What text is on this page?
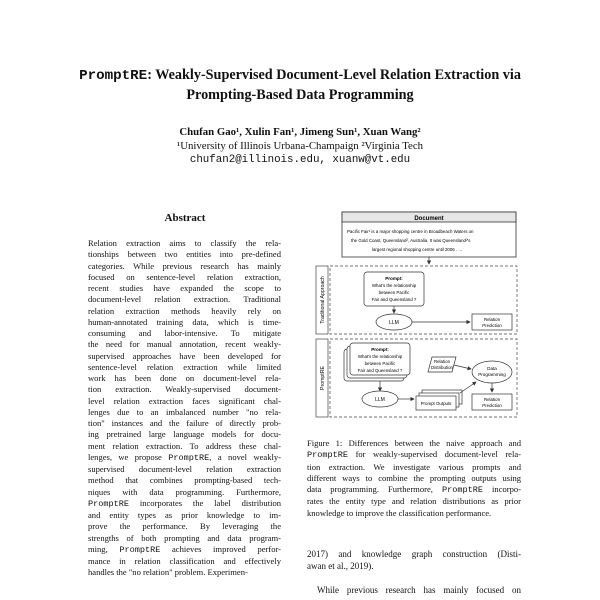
PromptRE: Weakly-Supervised Document-Level Relation Extraction via
Prompting-Based Data Programming
Chufan Gao¹, Xulin Fan¹, Jimeng Sun¹, Xuan Wang²
¹University of Illinois Urbana-Champaign ²Virginia Tech
chufan2@illinois.edu, xuanw@vt.edu
Abstract
Relation extraction aims to classify the rela-
tionships between two entities into pre-defined
categories. While previous research has mainly
focused on sentence-level relation extraction,
recent studies have expanded the scope to
document-level relation extraction. Traditional
relation extraction methods heavily rely on
human-annotated training data, which is time-
consuming and labor-intensive. To mitigate
the need for manual annotation, recent weakly-
supervised approaches have been developed for
sentence-level relation extraction while limited
work has been done on document-level rela-
tion extraction. Weakly-supervised document-
level relation extraction faces significant chal-
lenges due to an imbalanced number "no rela-
tion" instances and the failure of directly prob-
ing pretrained large language models for docu-
ment relation extraction. To address these chal-
lenges, we propose PromptRE, a novel weakly-
supervised document-level relation extraction
method that combines prompting-based tech-
niques with data programming. Furthermore,
PromptRE incorporates the label distribution
and entity types as prior knowledge to im-
prove the performance. By leveraging the
strengths of both prompting and data program-
ming, PromptRE achieves improved perfor-
mance in relation classification and effectively
handles the "no relation" problem. Experimen-
Document
Pacific Fair¹ is a major shopping centre in Broadbeach Waters on
the Gold Coast, Queensland², Australia. It was Queensland²'s
largest regional shopping centre until 2006 . ...
Traditional Approach	Prompt:
What's the relationship
between Pacific
Fair and Queensland ?
LLM
Relation
Prediction
PromptRE
Prompt:
What's the relationship
between Pacific
Fair and Queensland ?
Relation
Distribution	Data
Programming
LLM
Prompt Outputs
Relation
Prediction
Figure 1: Differences between the naive approach and
PromptRE for weakly-supervised document-level rela-
tion extraction. We investigate various prompts and
different ways to combine the prompting outputs using
data programming. Furthermore, PromptRE incorpo-
rates the entity type and relation distributions as prior
knowledge to improve the classification performance.
2017) and knowledge graph construction (Disti-
awan et al., 2019).
While previous research has mainly focused on
